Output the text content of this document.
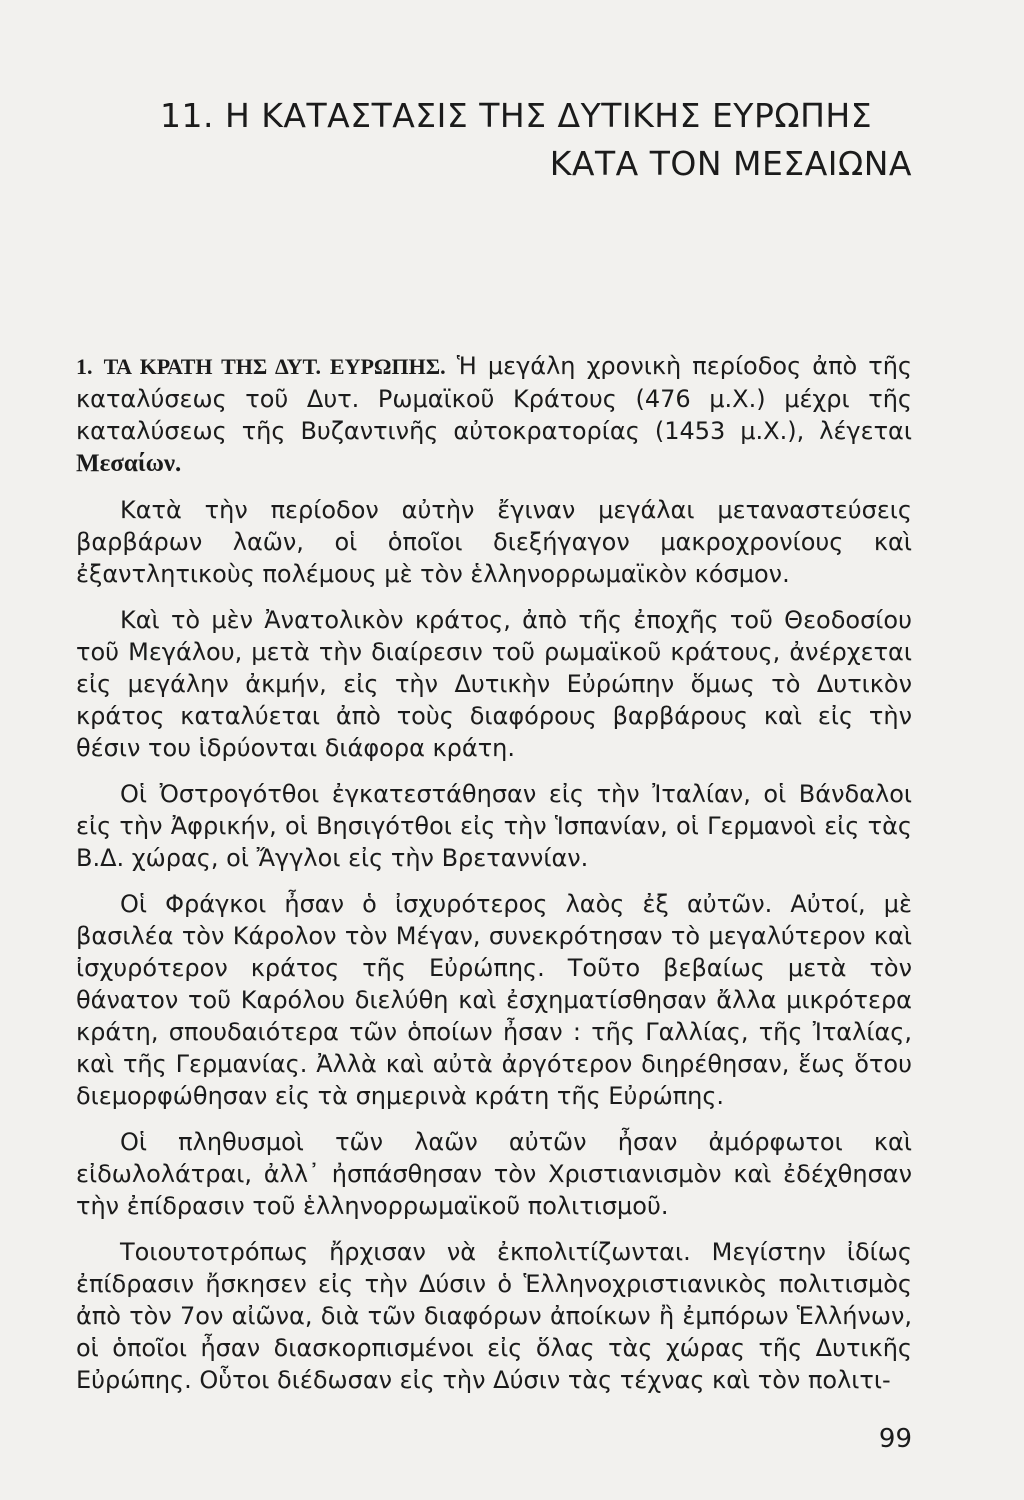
11. Η ΚΑΤΑΣΤΑΣΙΣ ΤΗΣ ΔΥΤΙΚΗΣ ΕΥΡΩΠΗΣ
ΚΑΤΑ ΤΟΝ ΜΕΣΑΙΩΝΑ

1. ΤΑ ΚΡΑΤΗ ΤΗΣ ΔΥΤ. ΕΥΡΩΠΗΣ. Ἡ μεγάλη χρονικὴ περίοδος ἀπὸ τῆς καταλύσεως τοῦ Δυτ. Ρωμαϊκοῦ Κράτους (476 μ.Χ.) μέχρι τῆς καταλύσεως τῆς Βυζαντινῆς αὐτοκρατορίας (1453 μ.Χ.), λέγεται Μεσαίων.

Κατὰ τὴν περίοδον αὐτὴν ἔγιναν μεγάλαι μεταναστεύσεις βαρβάρων λαῶν, οἱ ὁποῖοι διεξήγαγον μακροχρονίους καὶ ἐξαντλητικοὺς πολέμους μὲ τὸν ἑλληνορρωμαϊκὸν κόσμον.

Καὶ τὸ μὲν Ἀνατολικὸν κράτος, ἀπὸ τῆς ἐποχῆς τοῦ Θεοδοσίου τοῦ Μεγάλου, μετὰ τὴν διαίρεσιν τοῦ ρωμαϊκοῦ κράτους, ἀνέρχεται εἰς μεγάλην ἀκμήν, εἰς τὴν Δυτικὴν Εὐρώπην ὅμως τὸ Δυτικὸν κράτος καταλύεται ἀπὸ τοὺς διαφόρους βαρβάρους καὶ εἰς τὴν θέσιν του ἱδρύονται διάφορα κράτη.

Οἱ Ὀστρογότθοι ἐγκατεστάθησαν εἰς τὴν Ἰταλίαν, οἱ Βάνδαλοι εἰς τὴν Ἀφρικήν, οἱ Βησιγότθοι εἰς τὴν Ἱσπανίαν, οἱ Γερμανοὶ εἰς τὰς Β.Δ. χώρας, οἱ Ἄγγλοι εἰς τὴν Βρεταννίαν.

Οἱ Φράγκοι ἦσαν ὁ ἰσχυρότερος λαὸς ἐξ αὐτῶν. Αὐτοί, μὲ βασιλέα τὸν Κάρολον τὸν Μέγαν, συνεκρότησαν τὸ μεγαλύτερον καὶ ἰσχυρότερον κράτος τῆς Εὐρώπης. Τοῦτο βεβαίως μετὰ τὸν θάνατον τοῦ Καρόλου διελύθη καὶ ἐσχηματίσθησαν ἄλλα μικρότερα κράτη, σπουδαιότερα τῶν ὁποίων ἦσαν : τῆς Γαλλίας, τῆς Ἰταλίας, καὶ τῆς Γερμανίας. Ἀλλὰ καὶ αὐτὰ ἀργότερον διηρέθησαν, ἕως ὅτου διεμορφώθησαν εἰς τὰ σημερινὰ κράτη τῆς Εὐρώπης.

Οἱ πληθυσμοὶ τῶν λαῶν αὐτῶν ἦσαν ἀμόρφωτοι καὶ εἰδωλολάτραι, ἀλλ᾽ ἠσπάσθησαν τὸν Χριστιανισμὸν καὶ ἐδέχθησαν τὴν ἐπίδρασιν τοῦ ἑλληνορρωμαϊκοῦ πολιτισμοῦ.

Τοιουτοτρόπως ἤρχισαν νὰ ἐκπολιτίζωνται. Μεγίστην ἰδίως ἐπίδρασιν ἤσκησεν εἰς τὴν Δύσιν ὁ Ἑλληνοχριστιανικὸς πολιτισμὸς ἀπὸ τὸν 7ον αἰῶνα, διὰ τῶν διαφόρων ἀποίκων ἢ ἐμπόρων Ἑλλήνων, οἱ ὁποῖοι ἦσαν διασκορπισμένοι εἰς ὅλας τὰς χώρας τῆς Δυτικῆς Εὐρώπης. Οὗτοι διέδωσαν εἰς τὴν Δύσιν τὰς τέχνας καὶ τὸν πολιτι-

99
